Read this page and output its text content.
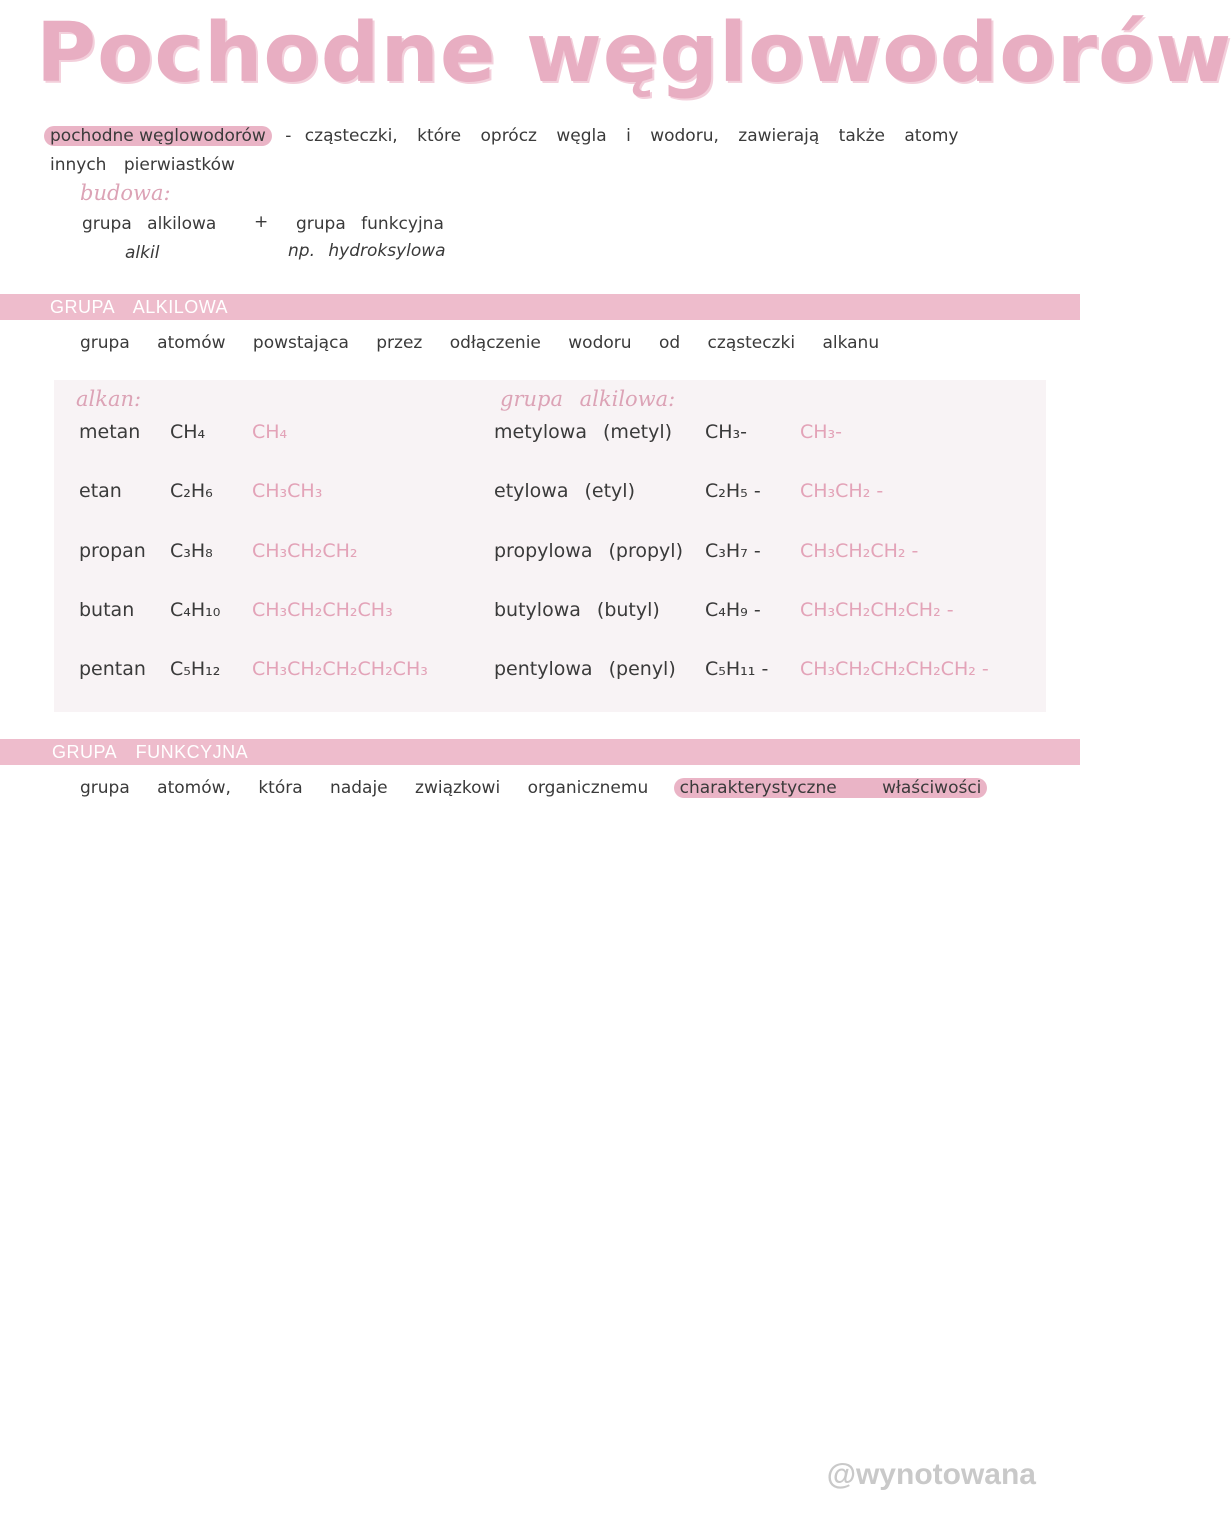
Pochodne węglowodorów
pochodne węglowodorów - cząsteczki, które oprócz węgla i wodoru, zawierają także atomy
innych pierwiastków
budowa:
grupa alkilowa + grupa funkcyjna
alkil	np. hydroksylowa
GRUPA ALKILOWA
grupa atomów powstająca przez odłączenie wodoru od cząsteczki alkanu
alkan:	grupa alkilowa:
metan CH₄ CH₄	metylowa (metyl) CH₃-	CH₃-
etan	C₂H₆ CH₃CH₃	etylowa (etyl)	C₂H₅ - CH₃CH₂ -
propan C₃H₈ CH₃CH₂CH₂	propylowa (propyl) C₃H₇ - CH₃CH₂CH₂ -
butan C₄H₁₀ CH₃CH₂CH₂CH₃	butylowa (butyl) C₄H₉ - CH₃CH₂CH₂CH₂ -
pentan C₅H₁₂ CH₃CH₂CH₂CH₂CH₃	pentylowa (penyl) C₅H₁₁ - CH₃CH₂CH₂CH₂CH₂ -
GRUPA FUNKCYJNA
grupa atomów, która nadaje związkowi organicznemu charakterystyczne właściwości
@wynotowana
